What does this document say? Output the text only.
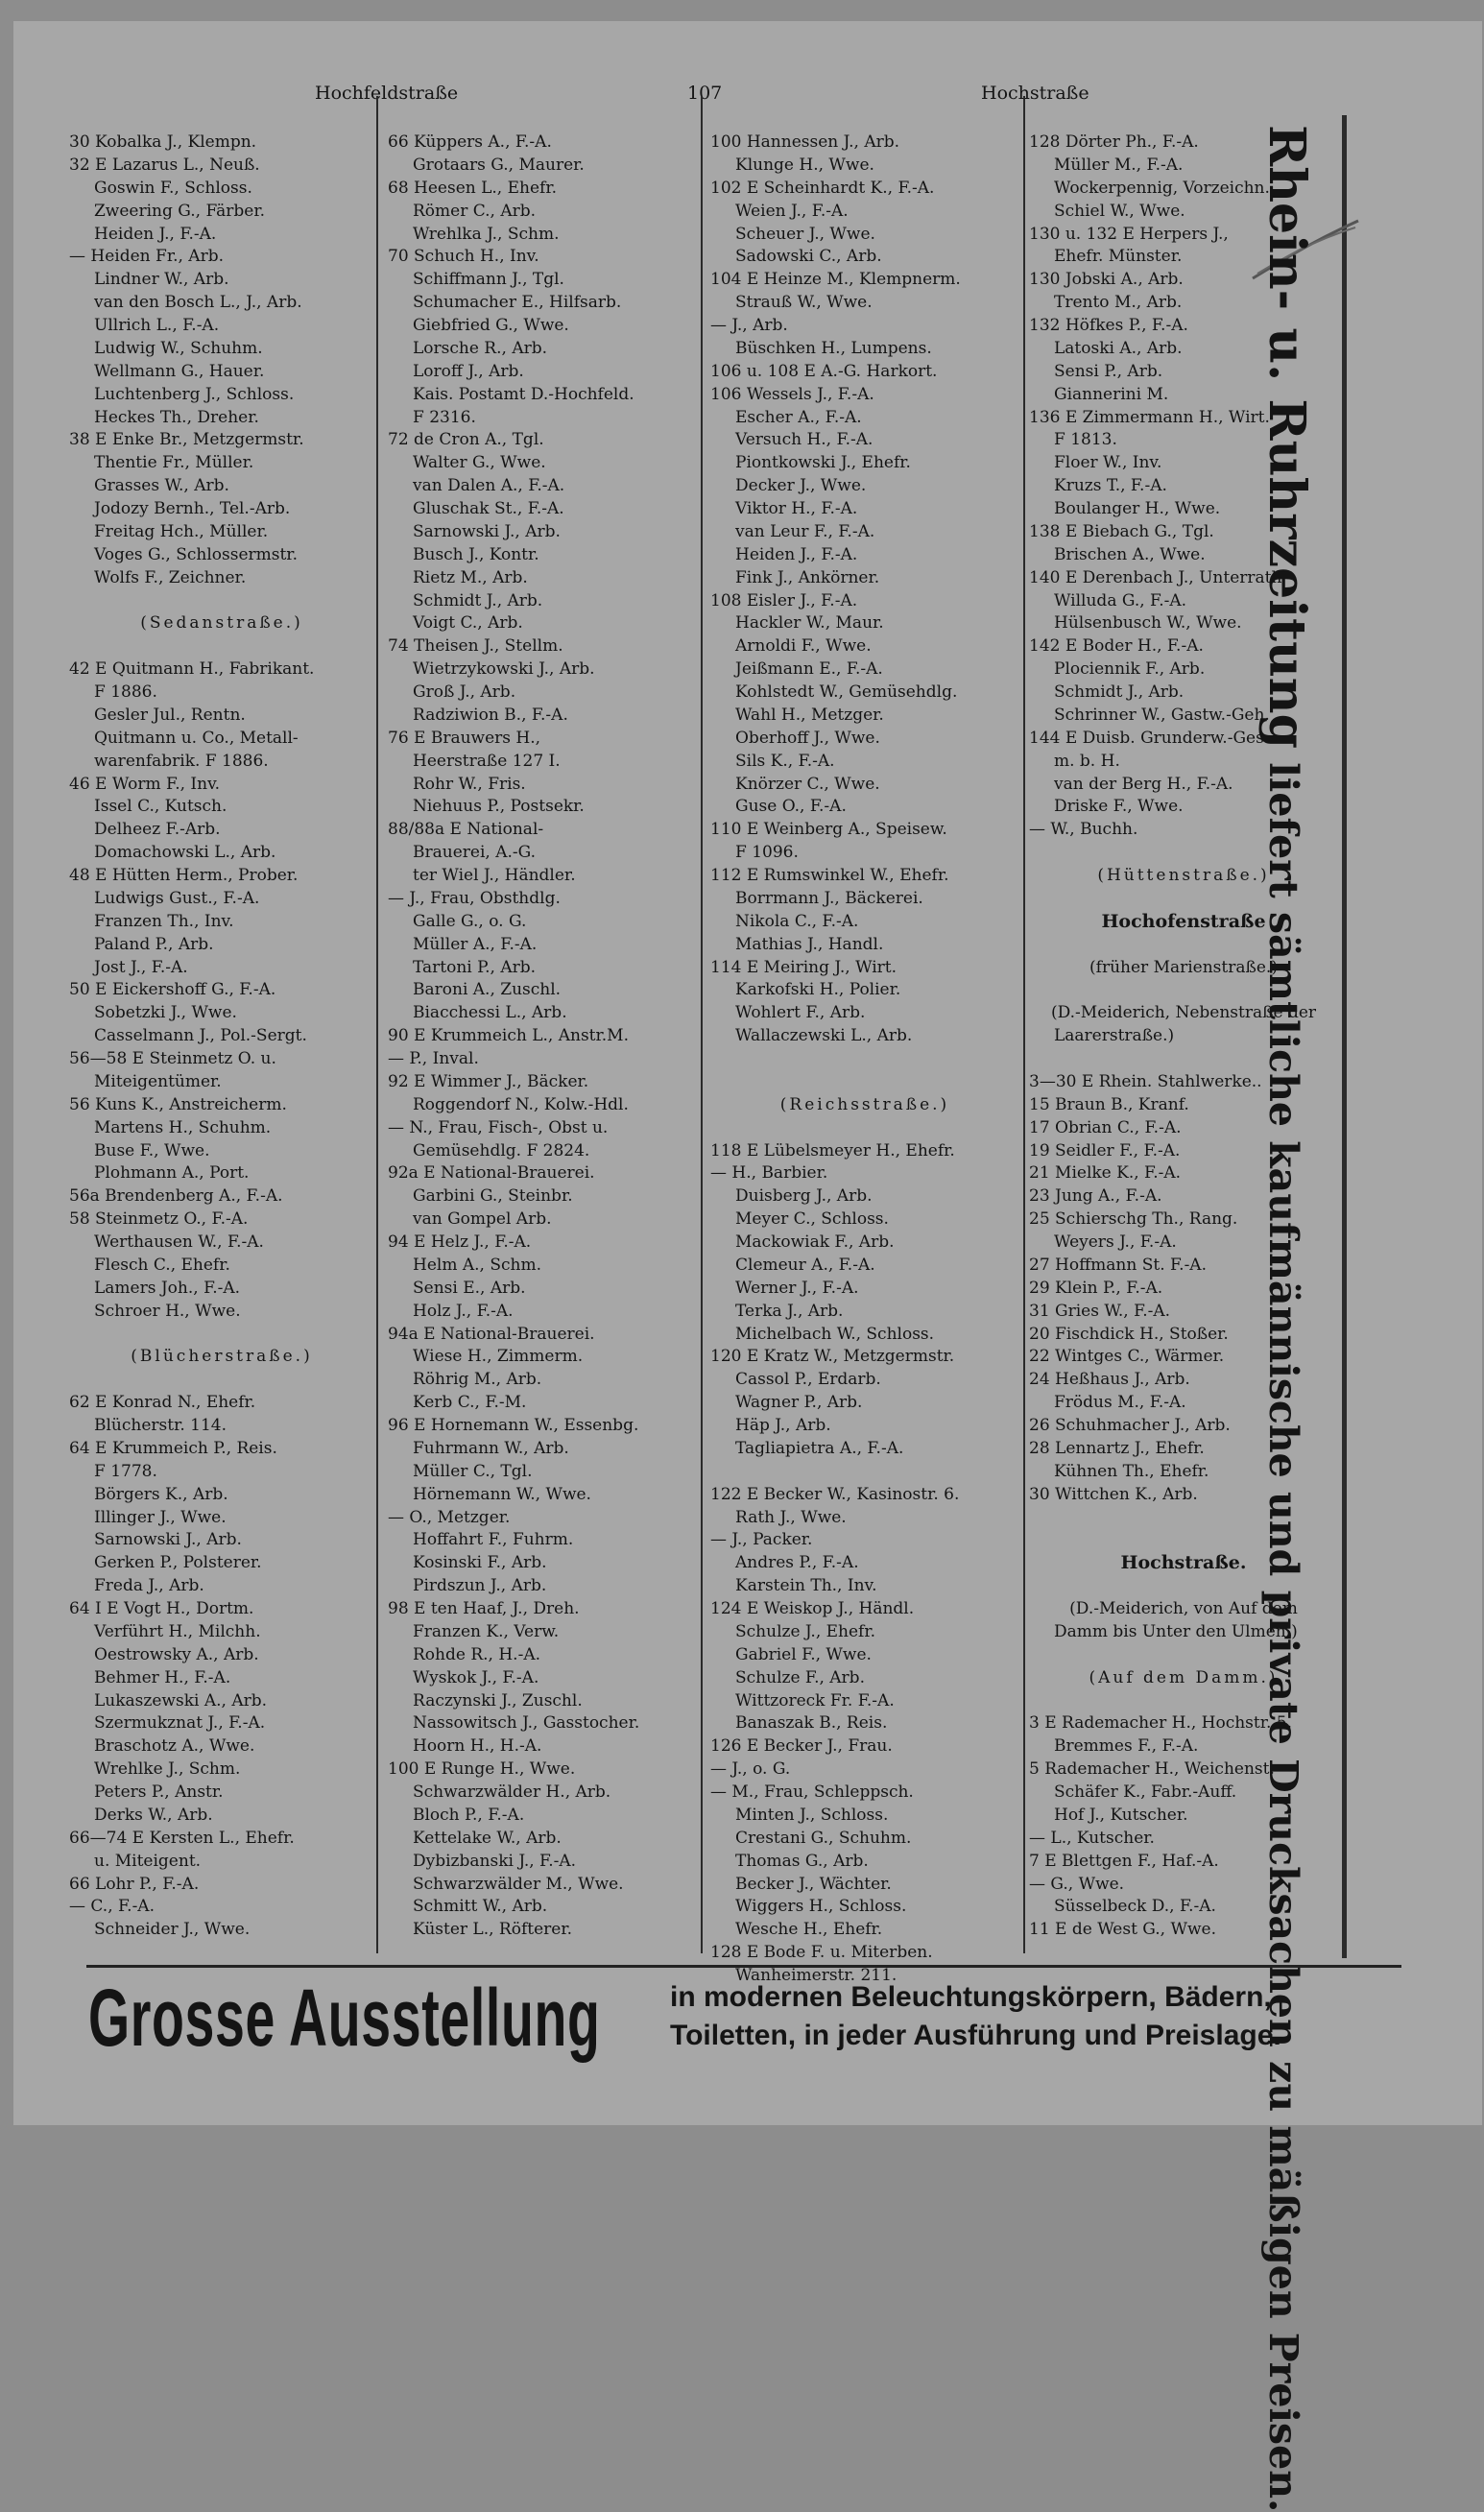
Hochfeldstraße	107	Hochstraße
30 Kobalka J., Klempn.
32 E Lazarus L., Neuß.
Goswin F., Schloss.
Zweering G., Färber.
Heiden J., F.-A.
— Heiden Fr., Arb.
Lindner W., Arb.
van den Bosch L., J., Arb.
Ullrich L., F.-A.
Ludwig W., Schuhm.
Wellmann G., Hauer.
Luchtenberg J., Schloss.
Heckes Th., Dreher.
38 E Enke Br., Metzgermstr.
Thentie Fr., Müller.
Grasses W., Arb.
Jodozy Bernh., Tel.-Arb.
Freitag Hch., Müller.
Voges G., Schlossermstr.
Wolfs F., Zeichner.
(Sedanstraße.)
42 E Quitmann H., Fabrikant.
F 1886.
Gesler Jul., Rentn.
Quitmann u. Co., Metall-
warenfabrik. F 1886.
46 E Worm F., Inv.
Issel C., Kutsch.
Delheez F.-Arb.
Domachowski L., Arb.
48 E Hütten Herm., Prober.
Ludwigs Gust., F.-A.
Franzen Th., Inv.
Paland P., Arb.
Jost J., F.-A.
50 E Eickershoff G., F.-A.
Sobetzki J., Wwe.
Casselmann J., Pol.-Sergt.
56—58 E Steinmetz O. u.
Miteigentümer.
56 Kuns K., Anstreicherm.
Martens H., Schuhm.
Buse F., Wwe.
Plohmann A., Port.
56a Brendenberg A., F.-A.
58 Steinmetz O., F.-A.
Werthausen W., F.-A.
Flesch C., Ehefr.
Lamers Joh., F.-A.
Schroer H., Wwe.
(Blücherstraße.)
62 E Konrad N., Ehefr.
Blücherstr. 114.
64 E Krummeich P., Reis.
F 1778.
Börgers K., Arb.
Illinger J., Wwe.
Sarnowski J., Arb.
Gerken P., Polsterer.
Freda J., Arb.
64 I E Vogt H., Dortm.
Verführt H., Milchh.
Oestrowsky A., Arb.
Behmer H., F.-A.
Lukaszewski A., Arb.
Szermukznat J., F.-A.
Braschotz A., Wwe.
Wrehlke J., Schm.
Peters P., Anstr.
Derks W., Arb.
66—74 E Kersten L., Ehefr.
u. Miteigent.
66 Lohr P., F.-A.
— C., F.-A.
Schneider J., Wwe.
66 Küppers A., F.-A.
Grotaars G., Maurer.
68 Heesen L., Ehefr.
Römer C., Arb.
Wrehlka J., Schm.
70 Schuch H., Inv.
Schiffmann J., Tgl.
Schumacher E., Hilfsarb.
Giebfried G., Wwe.
Lorsche R., Arb.
Loroff J., Arb.
Kais. Postamt D.-Hochfeld.
F 2316.
72 de Cron A., Tgl.
Walter G., Wwe.
van Dalen A., F.-A.
Gluschak St., F.-A.
Sarnowski J., Arb.
Busch J., Kontr.
Rietz M., Arb.
Schmidt J., Arb.
Voigt C., Arb.
74 Theisen J., Stellm.
Wietrzykowski J., Arb.
Groß J., Arb.
Radziwion B., F.-A.
76 E Brauwers H.,
Heerstraße 127 I.
Rohr W., Fris.
Niehuus P., Postsekr.
88/88a E National-
Brauerei, A.-G.
ter Wiel J., Händler.
— J., Frau, Obsthdlg.
Galle G., o. G.
Müller A., F.-A.
Tartoni P., Arb.
Baroni A., Zuschl.
Biacchessi L., Arb.
90 E Krummeich L., Anstr.M.
— P., Inval.
92 E Wimmer J., Bäcker.
Roggendorf N., Kolw.-Hdl.
— N., Frau, Fisch-, Obst u.
Gemüsehdlg. F 2824.
92a E National-Brauerei.
Garbini G., Steinbr.
van Gompel Arb.
94 E Helz J., F.-A.
Helm A., Schm.
Sensi E., Arb.
Holz J., F.-A.
94a E National-Brauerei.
Wiese H., Zimmerm.
Röhrig M., Arb.
Kerb C., F.-M.
96 E Hornemann W., Essenbg.
Fuhrmann W., Arb.
Müller C., Tgl.
Hörnemann W., Wwe.
— O., Metzger.
Hoffahrt F., Fuhrm.
Kosinski F., Arb.
Pirdszun J., Arb.
98 E ten Haaf, J., Dreh.
Franzen K., Verw.
Rohde R., H.-A.
Wyskok J., F.-A.
Raczynski J., Zuschl.
Nassowitsch J., Gasstocher.
Hoorn H., H.-A.
100 E Runge H., Wwe.
Schwarzwälder H., Arb.
Bloch P., F.-A.
Kettelake W., Arb.
Dybizbanski J., F.-A.
Schwarzwälder M., Wwe.
Schmitt W., Arb.
Küster L., Röfterer.
100 Hannessen J., Arb.
Klunge H., Wwe.
102 E Scheinhardt K., F.-A.
Weien J., F.-A.
Scheuer J., Wwe.
Sadowski C., Arb.
104 E Heinze M., Klempnerm.
Strauß W., Wwe.
— J., Arb.
Büschken H., Lumpens.
106 u. 108 E A.-G. Harkort.
106 Wessels J., F.-A.
Escher A., F.-A.
Versuch H., F.-A.
Piontkowski J., Ehefr.
Decker J., Wwe.
Viktor H., F.-A.
van Leur F., F.-A.
Heiden J., F.-A.
Fink J., Ankörner.
108 Eisler J., F.-A.
Hackler W., Maur.
Arnoldi F., Wwe.
Jeißmann E., F.-A.
Kohlstedt W., Gemüsehdlg.
Wahl H., Metzger.
Oberhoff J., Wwe.
Sils K., F.-A.
Knörzer C., Wwe.
Guse O., F.-A.
110 E Weinberg A., Speisew.
F 1096.
112 E Rumswinkel W., Ehefr.
Borrmann J., Bäckerei.
Nikola C., F.-A.
Mathias J., Handl.
114 E Meiring J., Wirt.
Karkofski H., Polier.
Wohlert F., Arb.
Wallaczewski L., Arb.
(Reichsstraße.)
118 E Lübelsmeyer H., Ehefr.
— H., Barbier.
Duisberg J., Arb.
Meyer C., Schloss.
Mackowiak F., Arb.
Clemeur A., F.-A.
Werner J., F.-A.
Terka J., Arb.
Michelbach W., Schloss.
120 E Kratz W., Metzgermstr.
Cassol P., Erdarb.
Wagner P., Arb.
Häp J., Arb.
Tagliapietra A., F.-A.
122 E Becker W., Kasinostr. 6.
Rath J., Wwe.
— J., Packer.
Andres P., F.-A.
Karstein Th., Inv.
124 E Weiskop J., Händl.
Schulze J., Ehefr.
Gabriel F., Wwe.
Schulze F., Arb.
Wittzoreck Fr. F.-A.
Banaszak B., Reis.
126 E Becker J., Frau.
— J., o. G.
— M., Frau, Schleppsch.
Minten J., Schloss.
Crestani G., Schuhm.
Thomas G., Arb.
Becker J., Wächter.
Wiggers H., Schloss.
Wesche H., Ehefr.
128 E Bode F. u. Miterben.
Wanheimerstr. 211.
128 Dörter Ph., F.-A.
Müller M., F.-A.
Wockerpennig, Vorzeichn.
Schiel W., Wwe.
130 u. 132 E Herpers J.,
Ehefr. Münster.
130 Jobski A., Arb.
Trento M., Arb.
132 Höfkes P., F.-A.
Latoski A., Arb.
Sensi P., Arb.
Giannerini M.
136 E Zimmermann H., Wirt.
F 1813.
Floer W., Inv.
Kruzs T., F.-A.
Boulanger H., Wwe.
138 E Biebach G., Tgl.
Brischen A., Wwe.
140 E Derenbach J., Unterrath
Willuda G., F.-A.
Hülsenbusch W., Wwe.
142 E Boder H., F.-A.
Plociennik F., Arb.
Schmidt J., Arb.
Schrinner W., Gastw.-Geh.
144 E Duisb. Grunderw.-Ges.
m. b. H.
van der Berg H., F.-A.
Driske F., Wwe.
— W., Buchh.
(Hüttenstraße.)
Hochofenstraße
(früher Marienstraße.)
(D.-Meiderich, Nebenstraße der
Laarerstraße.)
3—30 E Rhein. Stahlwerke..
15 Braun B., Kranf.
17 Obrian C., F.-A.
19 Seidler F., F.-A.
21 Mielke K., F.-A.
23 Jung A., F.-A.
25 Schierschg Th., Rang.
Weyers J., F.-A.
27 Hoffmann St. F.-A.
29 Klein P., F.-A.
31 Gries W., F.-A.
20 Fischdick H., Stoßer.
22 Wintges C., Wärmer.
24 Heßhaus J., Arb.
Frödus M., F.-A.
26 Schuhmacher J., Arb.
28 Lennartz J., Ehefr.
Kühnen Th., Ehefr.
30 Wittchen K., Arb.
Hochstraße.
(D.-Meiderich, von Auf dem
Damm bis Unter den Ulmen.)
(Auf dem Damm.)
3 E Rademacher H., Hochstr. 5.
Bremmes F., F.-A.
5 Rademacher H., Weichenst.
Schäfer K., Fabr.-Auff.
Hof J., Kutscher.
— L., Kutscher.
7 E Blettgen F., Haf.-A.
— G., Wwe.
Süsselbeck D., F.-A.
11 E de West G., Wwe.
Rhein- u. Ruhrzeitung liefert sämtliche kaufmännische und private Drucksachen zu mäßigen Preisen.
Grosse Ausstellung in modernen Beleuchtungskörpern, Bädern,
Toiletten, in jeder Ausführung und Preislage.
